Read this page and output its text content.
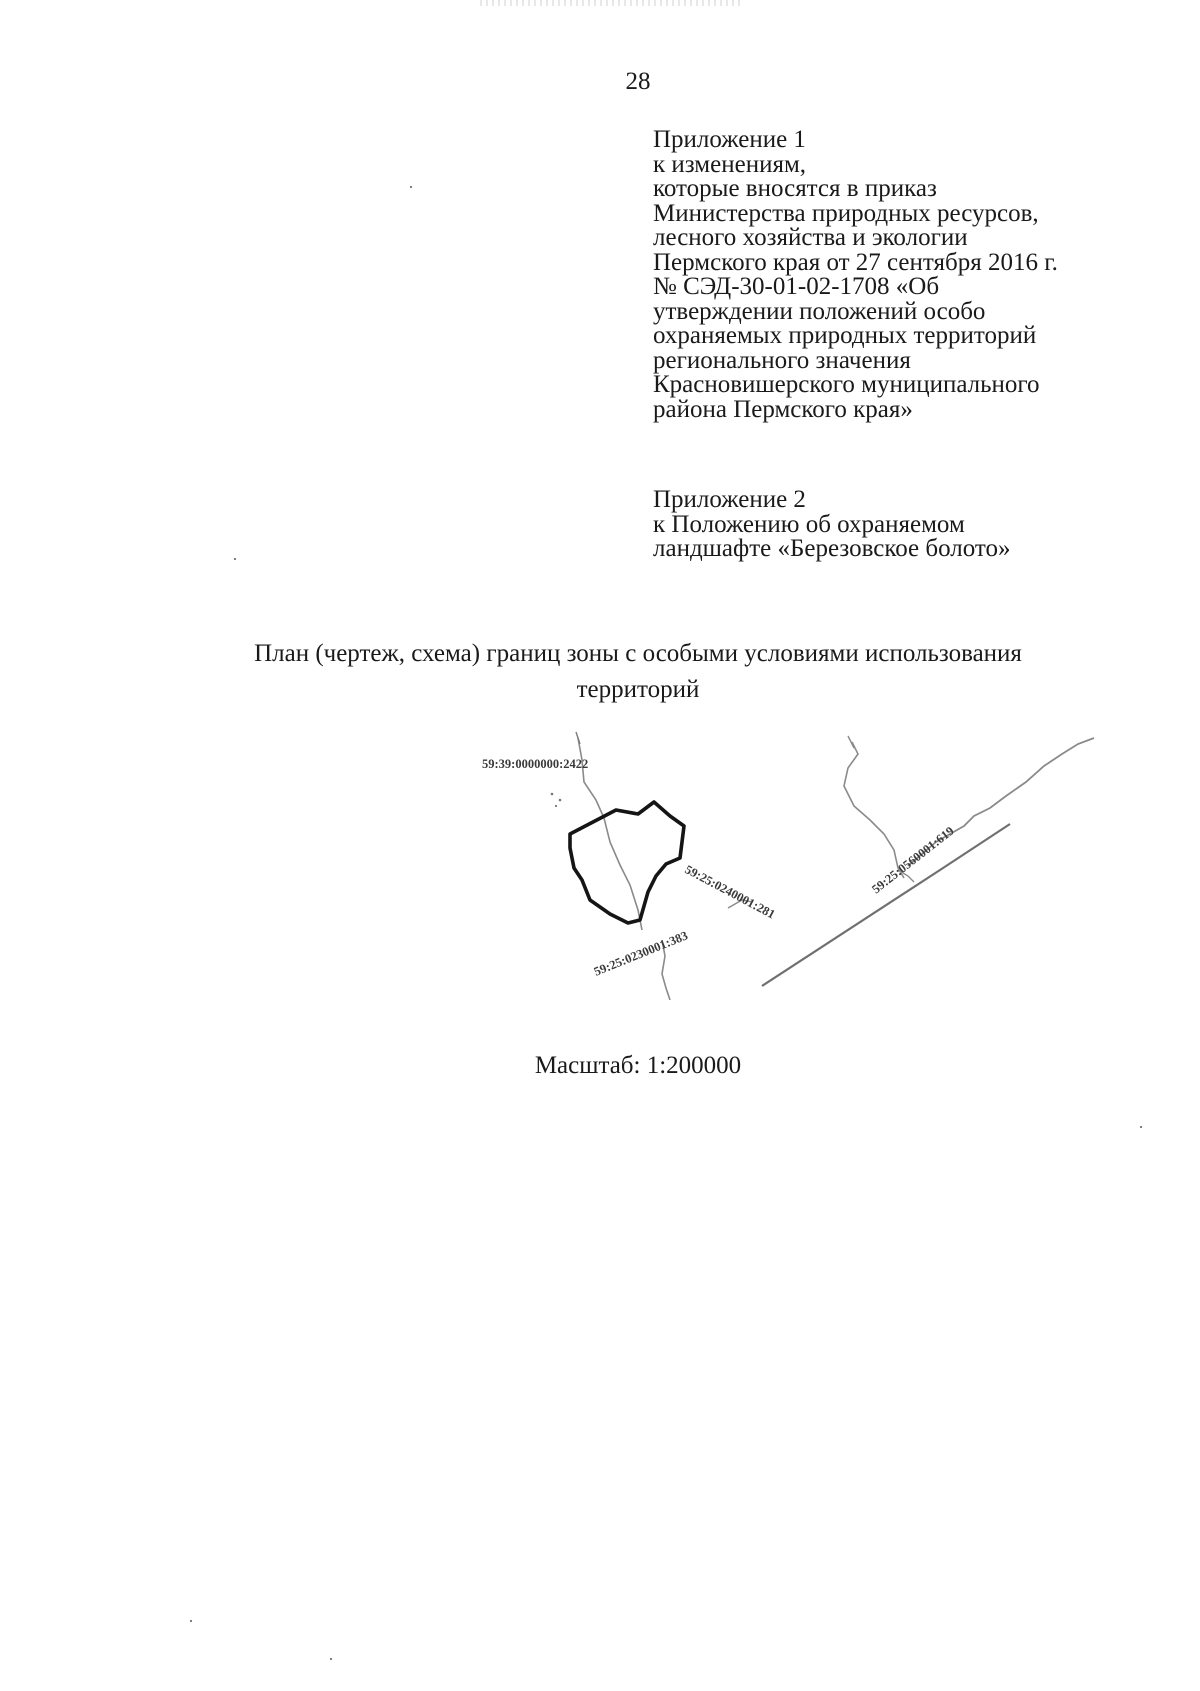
28
Приложение 1
к изменениям,
которые вносятся в приказ
Министерства природных ресурсов,
лесного хозяйства и экологии
Пермского края от 27 сентября 2016 г.
№ СЭД-30-01-02-1708 «Об
утверждении положений особо
охраняемых природных территорий
регионального значения
Красновишерского муниципального
района Пермского края»
Приложение 2
к Положению об охраняемом
ландшафте «Березовское болото»
План (чертеж, схема) границ зоны с особыми условиями использования
территорий
59:39:0000000:2422
59:25:0240001:281
59:25:0230001:383
59:25:0560001:619
Масштаб: 1:200000
